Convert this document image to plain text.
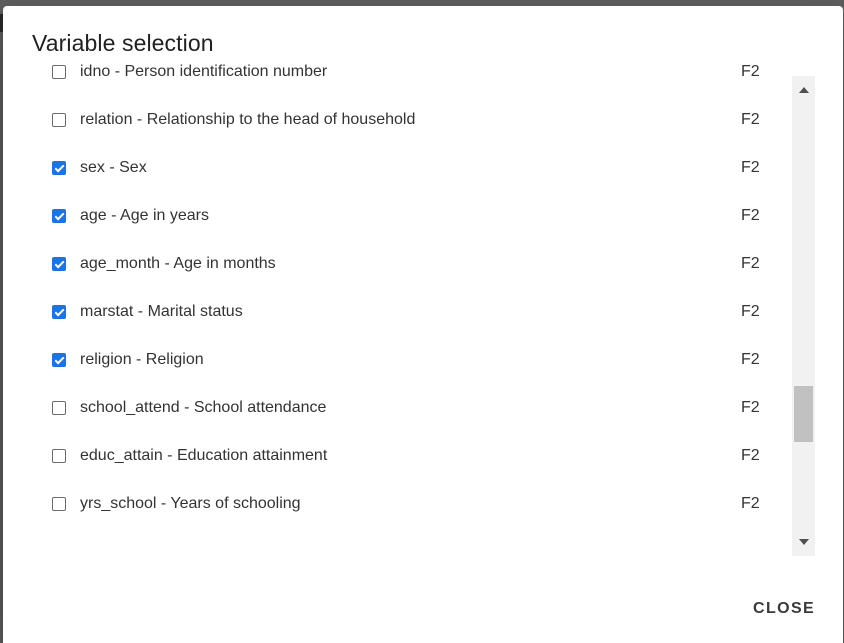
Variable selection
idno - Person identification number	F2
relation - Relationship to the head of household	F2
sex - Sex	F2
age - Age in years	F2
age_month - Age in months	F2
marstat - Marital status	F2
religion - Religion	F2
school_attend - School attendance	F2
educ_attain - Education attainment	F2
yrs_school - Years of schooling	F2
CLOSE
